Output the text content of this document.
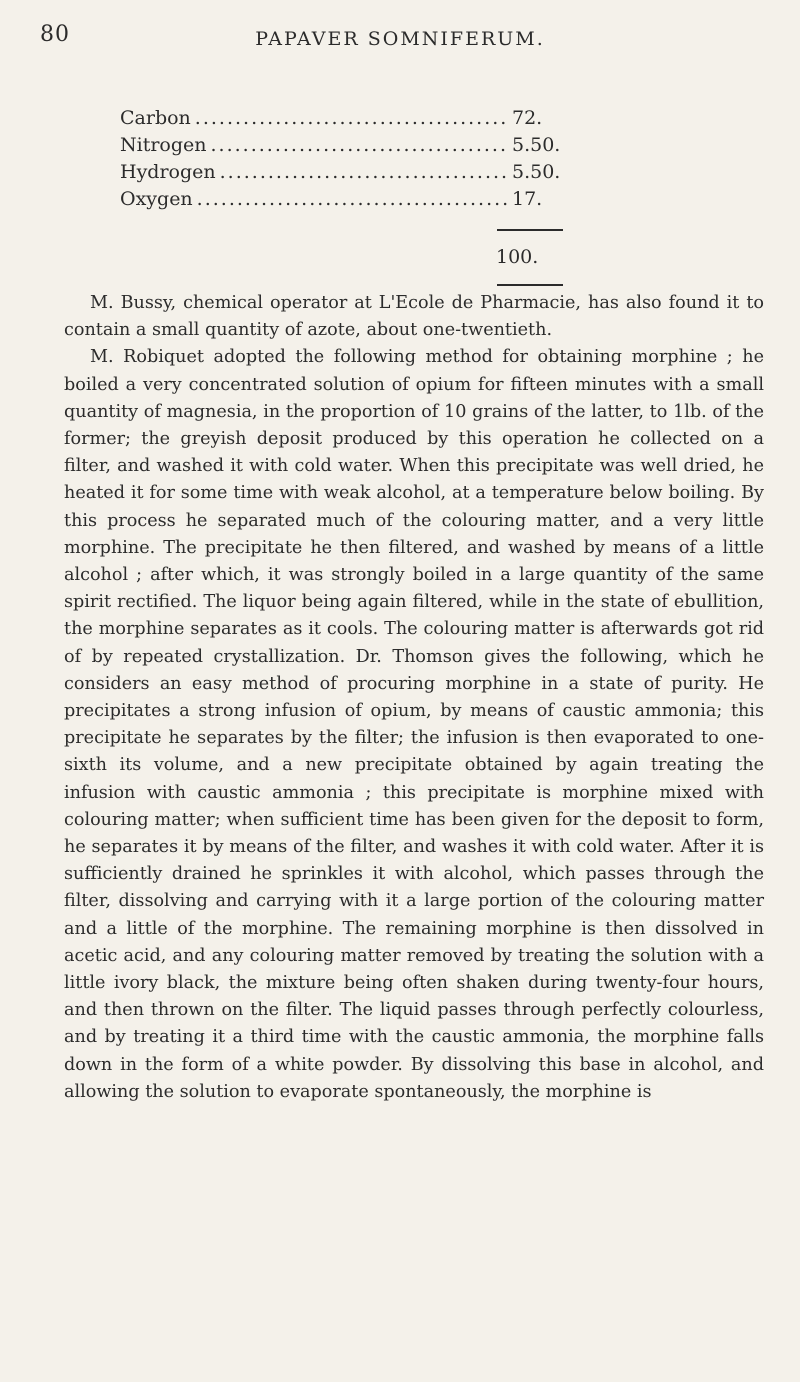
80	PAPAVER SOMNIFERUM.
Carbon .....	72.
Nitrogen .....	5.50.
Hydrogen .....	5.50.
Oxygen .....	17.
100.

M. Bussy, chemical operator at L'Ecole de Pharmacie, has also found it to contain a small quantity of azote, about one-twentieth.

M. Robiquet adopted the following method for obtaining morphine ; he boiled a very concentrated solution of opium for fifteen minutes with a small quantity of magnesia, in the proportion of 10 grains of the latter, to 1lb. of the former; the greyish deposit produced by this operation he collected on a filter, and washed it with cold water. When this precipitate was well dried, he heated it for some time with weak alcohol, at a temperature below boiling. By this process he separated much of the colouring matter, and a very little morphine. The precipitate he then filtered, and washed by means of a little alcohol ; after which, it was strongly boiled in a large quantity of the same spirit rectified. The liquor being again filtered, while in the state of ebullition, the morphine separates as it cools. The colouring matter is afterwards got rid of by repeated crystallization. Dr. Thomson gives the following, which he considers an easy method of procuring morphine in a state of purity. He precipitates a strong infusion of opium, by means of caustic ammonia; this precipitate he separates by the filter; the infusion is then evaporated to one-sixth its volume, and a new precipitate obtained by again treating the infusion with caustic ammonia ; this precipitate is morphine mixed with colouring matter; when sufficient time has been given for the deposit to form, he separates it by means of the filter, and washes it with cold water. After it is sufficiently drained he sprinkles it with alcohol, which passes through the filter, dissolving and carrying with it a large portion of the colouring matter and a little of the morphine. The remaining morphine is then dissolved in acetic acid, and any colouring matter removed by treating the solution with a little ivory black, the mixture being often shaken during twenty-four hours, and then thrown on the filter. The liquid passes through perfectly colourless, and by treating it a third time with the caustic ammonia, the morphine falls down in the form of a white powder. By dissolving this base in alcohol, and allowing the solution to evaporate spontaneously, the morphine is
